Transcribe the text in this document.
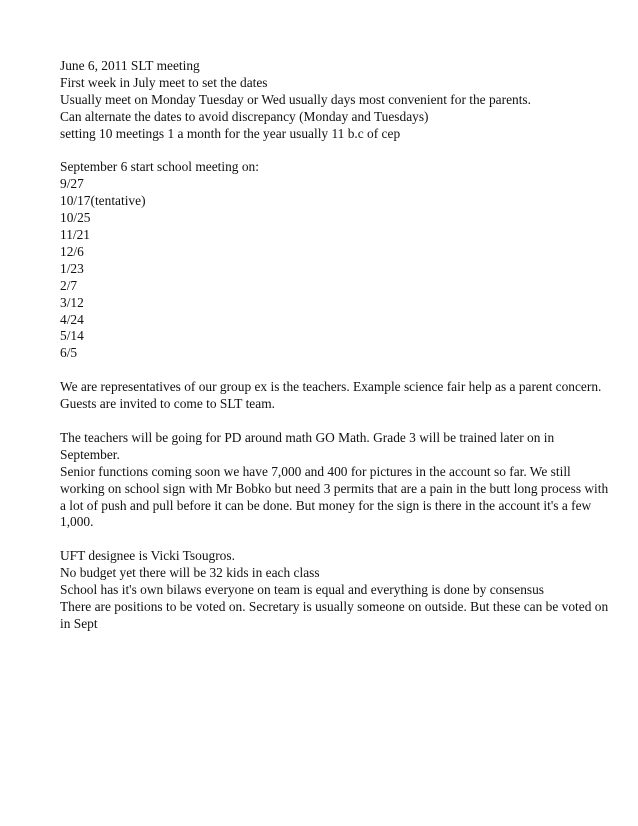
June 6, 2011 SLT meeting
First week in July meet to set the dates
Usually meet on Monday Tuesday or Wed usually days most convenient for the parents.
Can alternate the dates to avoid discrepancy (Monday and Tuesdays)
setting 10 meetings 1 a month for the year usually 11 b.c of cep
September 6 start school meeting on:
9/27
10/17(tentative)
10/25
11/21
12/6
1/23
2/7
3/12
4/24
5/14
6/5
We are representatives of our group ex is the teachers. Example science fair help as a parent concern.
Guests are invited to come to SLT team.
The teachers will be going for PD around math GO Math. Grade 3 will be trained later on in
September.
Senior functions coming soon we have 7,000 and 400 for pictures in the account so far. We still
working on school sign with Mr Bobko but need 3 permits that are a pain in the butt long process with
a lot of push and pull before it can be done. But money for the sign is there in the account it's a few
1,000.
UFT designee is Vicki Tsougros.
No budget yet there will be 32 kids in each class
School has it's own bilaws everyone on team is equal and everything is done by consensus
There are positions to be voted on. Secretary is usually someone on outside. But these can be voted on
in Sept
